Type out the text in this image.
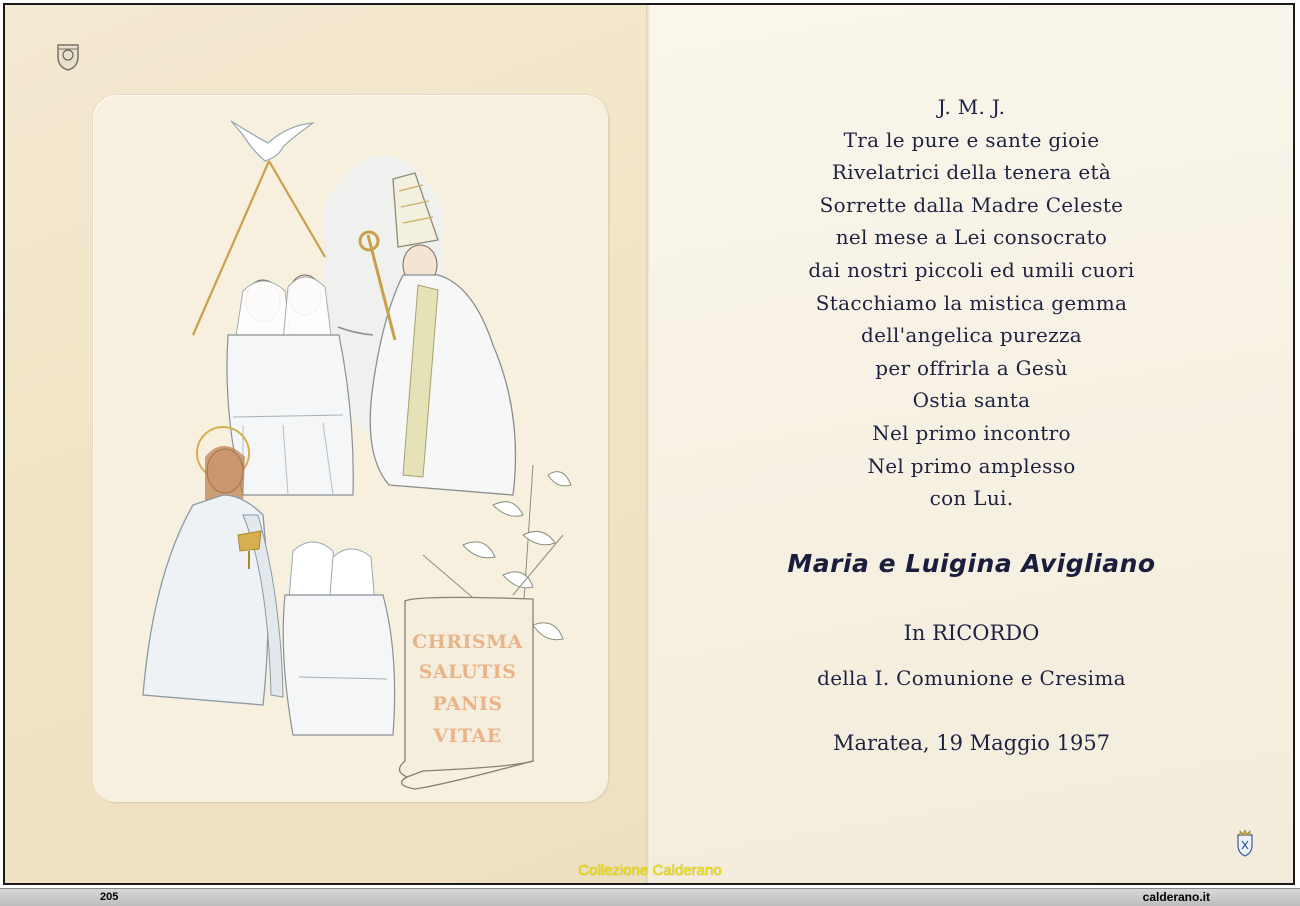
CHRISMA
SALUTIS
PANIS
VITAE
J. M. J.
Tra le pure e sante gioie
Rivelatrici della tenera età
Sorrette dalla Madre Celeste
nel mese a Lei consocrato
dai nostri piccoli ed umili cuori
Stacchiamo la mistica gemma
dell'angelica purezza
per offrirla a Gesù
Ostia santa
Nel primo incontro
Nel primo amplesso
con Lui.
Maria e Luigina Avigliano
In RICORDO
della I. Comunione e Cresima
Maratea, 19 Maggio 1957
Collezione Calderano
205	calderano.it
